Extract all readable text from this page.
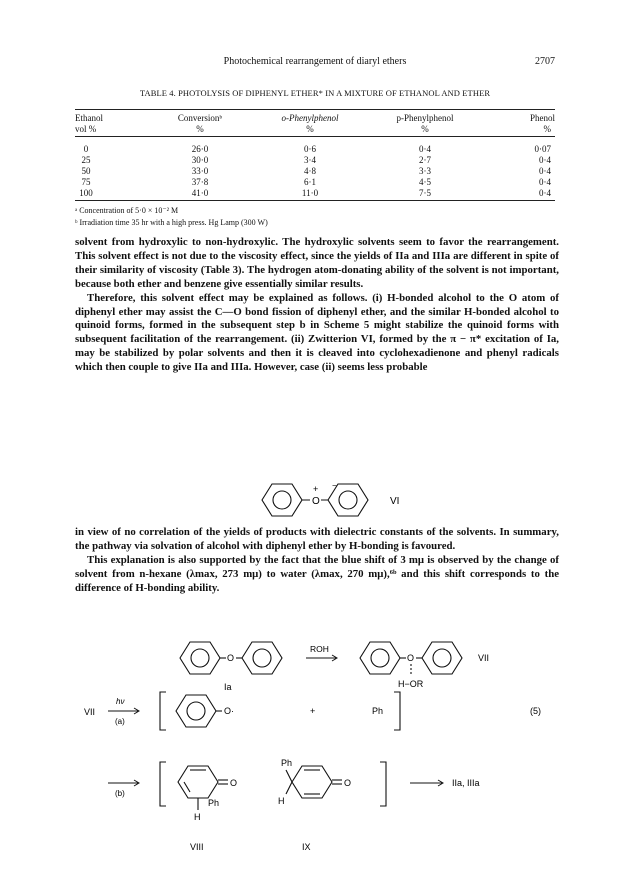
Photochemical rearrangement of diaryl ethers	2707
TABLE 4. PHOTOLYSIS OF DIPHENYL ETHER* IN A MIXTURE OF ETHANOL AND ETHER
Ethanol	Conversionᵇ	o-Phenylphenol	p-Phenylphenol	Phenol
vol %	%	%	%	%

0	26·0	0·6	0·4	0·07
25	30·0	3·4	2·7	0·4
50	33·0	4·8	3·3	0·4
75	37·8	6·1	4·5	0·4
100	41·0	11·0	7·5	0·4
ᵃ Concentration of 5·0 × 10⁻² M
ᵇ Irradiation time 35 hr with a high press. Hg Lamp (300 W)

solvent from hydroxylic to non-hydroxylic. The hydroxylic solvents seem to favor the rearrangement. This solvent effect is not due to the viscosity effect, since the yields of IIa and IIIa are different in spite of their similarity of viscosity (Table 3). The hydrogen atom-donating ability of the solvent is not important, because both ether and benzene give essentially similar results.

Therefore, this solvent effect may be explained as follows. (i) H-bonded alcohol to the O atom of diphenyl ether may assist the C—O bond fission of diphenyl ether, and the similar H-bonded alcohol to quinoid forms, formed in the subsequent step b in Scheme 5 might stabilize the quinoid forms with subsequent facilitation of the rearrangement. (ii) Zwitterion VI, formed by the π − π* excitation of Ia, may be stabilized by polar solvents and then it is cleaved into cyclohexadienone and phenyl radicals which then couple to give IIa and IIIa. However, case (ii) seems less probable

O
+ −
VI

in view of no correlation of the yields of products with dielectric constants of the solvents. In summary, the pathway via solvation of alcohol with diphenyl ether by H-bonding is favoured.

This explanation is also supported by the fact that the blue shift of 3 mμ is observed by the change of solvent from n-hexane (λmax, 273 mμ) to water (λmax, 270 mμ),⁶ᵇ and this shift corresponds to the difference of H-bonding ability.

O
Ia
ROH
O
H−OR
VII
VII
hν
(a)
O·	+	Ph	(5)
(b)
O
Ph
H
VIII
Ph
O
H
IX
IIa, IIIa
